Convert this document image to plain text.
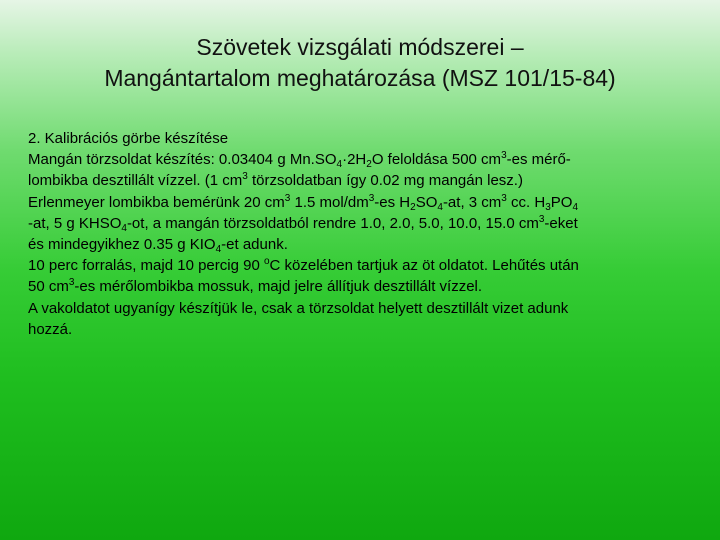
Szövetek vizsgálati módszerei –
Mangántartalom meghatározása (MSZ 101/15-84)
2. Kalibrációs görbe készítése
Mangán törzsoldat készítés: 0.03404 g $Mn.SO_4\cdot 2H_2O$ feloldása 500 $cm^3-es$ mérő-
lombikba desztillált vízzel. (1 $cm^3$ törzsoldatban így 0.02 mg mangán lesz.)
Erlenmeyer lombikba bemérünk 20 $cm^3$ 1.5 mol/$dm^3-es$ $H_2SO_4-at$, 3 $cm^3$ cc. $H_3PO_4$
-at, 5 g $KHSO_4-ot$, a mangán törzsoldatból rendre 1.0, 2.0, 5.0, 10.0, 15.0 $cm^3$-eket
és mindegyikhez 0.35 g $KIO_4-et$ adunk.
10 perc forralás, majd 10 percig 90 $^o$C közelében tartjuk az öt oldatot. Lehűtés után
50 $cm^3-es$ mérőlombikba mossuk, majd jelre állítjuk desztillált vízzel.
A vakoldatot ugyanígy készítjük le, csak a törzsoldat helyett desztillált vizet adunk
hozzá.
